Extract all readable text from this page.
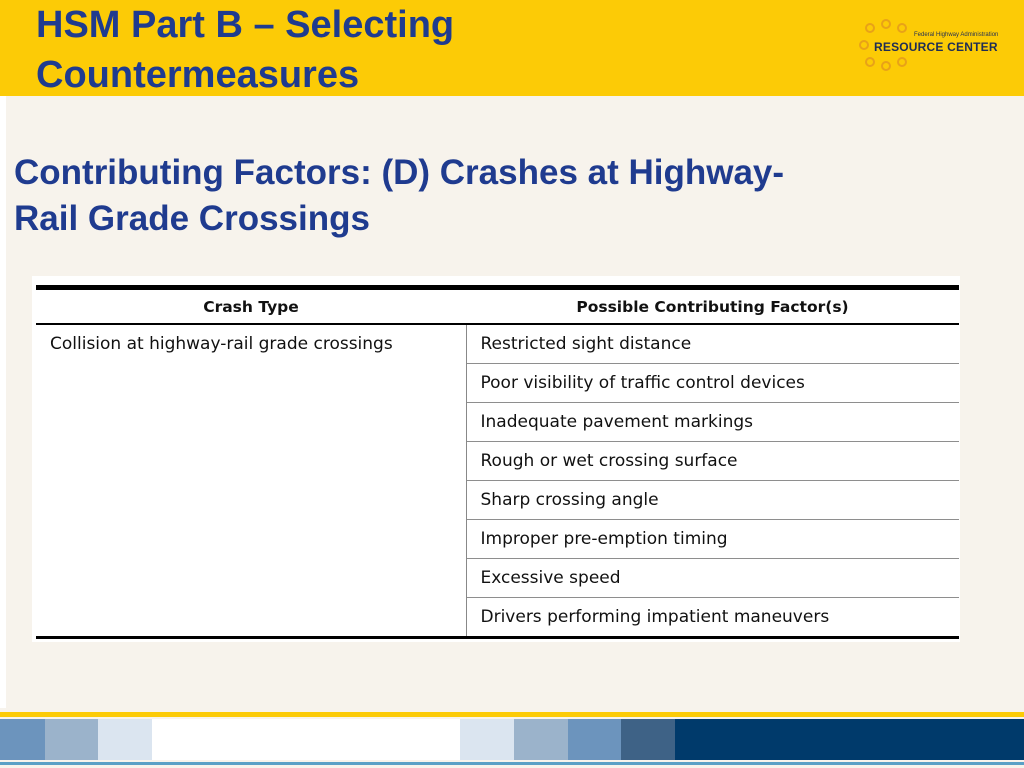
HSM Part B – Selecting
Countermeasures
Federal Highway Administration
RESOURCE CENTER
Contributing Factors: (D) Crashes at Highway-
Rail Grade Crossings
Crash Type	Possible Contributing Factor(s)
Collision at highway-rail grade crossings	Restricted sight distance
	Poor visibility of traffic control devices
	Inadequate pavement markings
	Rough or wet crossing surface
	Sharp crossing angle
	Improper pre-emption timing
	Excessive speed
	Drivers performing impatient maneuvers
